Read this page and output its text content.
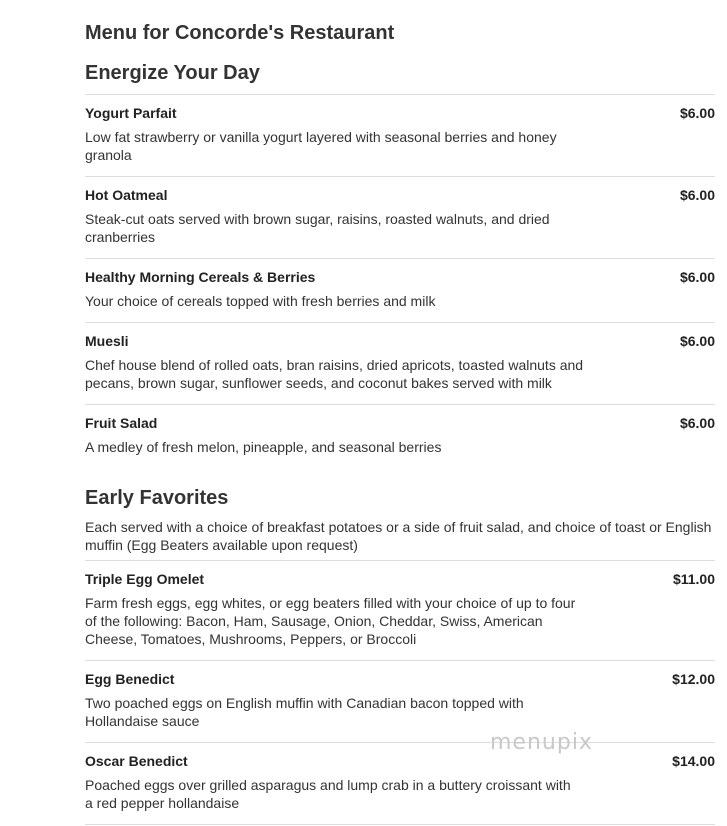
Menu for Concorde's Restaurant
Energize Your Day
Yogurt Parfait	$6.00
Low fat strawberry or vanilla yogurt layered with seasonal berries and honey granola
Hot Oatmeal	$6.00
Steak-cut oats served with brown sugar, raisins, roasted walnuts, and dried cranberries
Healthy Morning Cereals & Berries	$6.00
Your choice of cereals topped with fresh berries and milk
Muesli	$6.00
Chef house blend of rolled oats, bran raisins, dried apricots, toasted walnuts and pecans, brown sugar, sunflower seeds, and coconut bakes served with milk
Fruit Salad	$6.00
A medley of fresh melon, pineapple, and seasonal berries
Early Favorites
Each served with a choice of breakfast potatoes or a side of fruit salad, and choice of toast or English muffin (Egg Beaters available upon request)
Triple Egg Omelet	$11.00
Farm fresh eggs, egg whites, or egg beaters filled with your choice of up to four of the following: Bacon, Ham, Sausage, Onion, Cheddar, Swiss, American Cheese, Tomatoes, Mushrooms, Peppers, or Broccoli
Egg Benedict	$12.00
Two poached eggs on English muffin with Canadian bacon topped with Hollandaise sauce
Oscar Benedict	$14.00
Poached eggs over grilled asparagus and lump crab in a buttery croissant with a red pepper hollandaise
menupix
